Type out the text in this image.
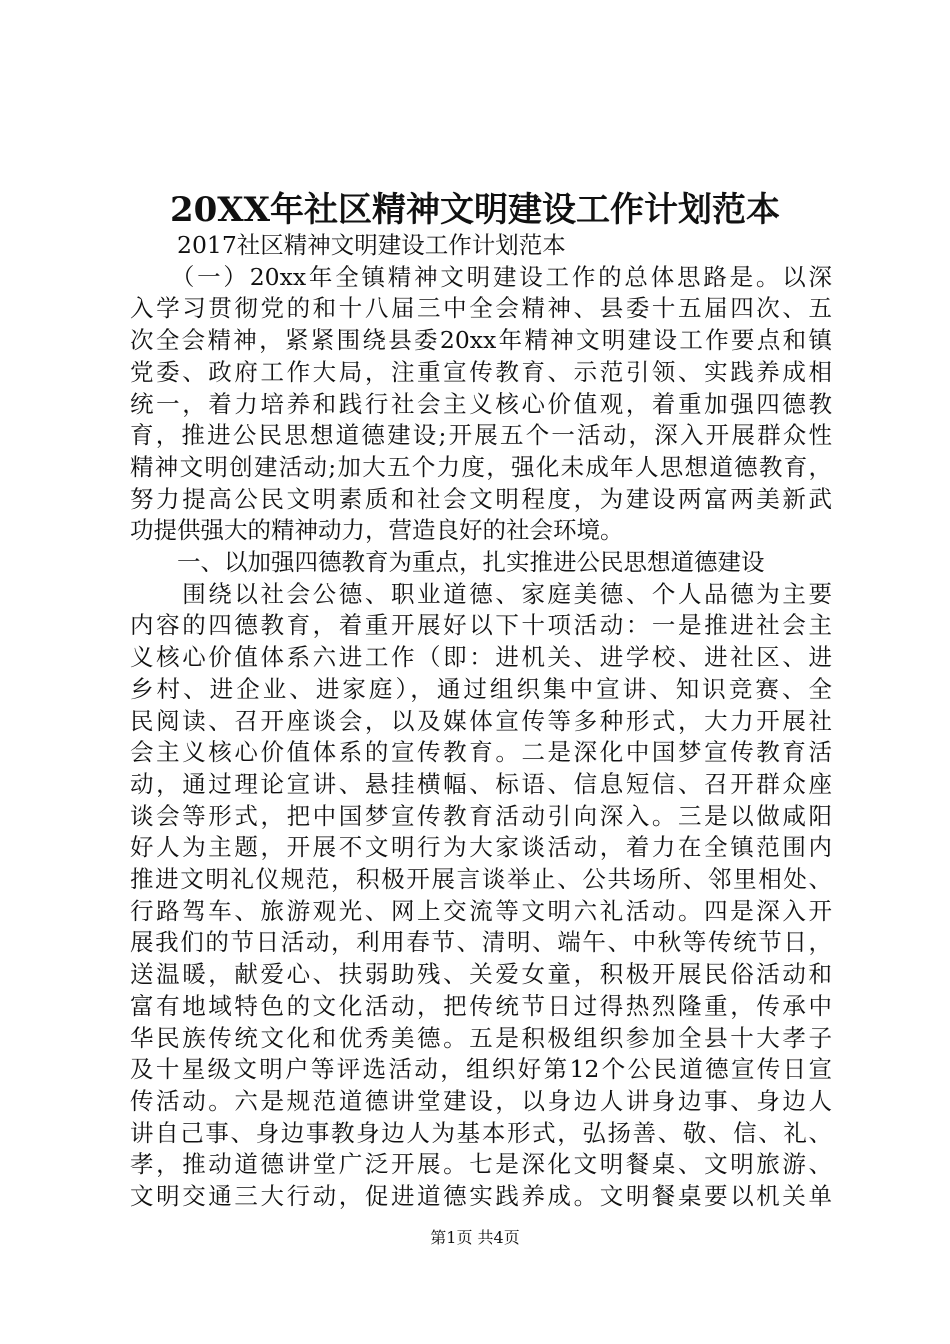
20XX年社区精神文明建设工作计划范本
　　2017社区精神文明建设工作计划范本
　　（一）20xx年全镇精神文明建设工作的总体思路是。以深
入学习贯彻党的和十八届三中全会精神、县委十五届四次、五
次全会精神，紧紧围绕县委20xx年精神文明建设工作要点和镇
党委、政府工作大局，注重宣传教育、示范引领、实践养成相
统一，着力培养和践行社会主义核心价值观，着重加强四德教
育，推进公民思想道德建设;开展五个一活动，深入开展群众性
精神文明创建活动;加大五个力度，强化未成年人思想道德教育，
努力提高公民文明素质和社会文明程度，为建设两富两美新武
功提供强大的精神动力，营造良好的社会环境。
　　一、以加强四德教育为重点，扎实推进公民思想道德建设
　　围绕以社会公德、职业道德、家庭美德、个人品德为主要
内容的四德教育，着重开展好以下十项活动：一是推进社会主
义核心价值体系六进工作（即：进机关、进学校、进社区、进
乡村、进企业、进家庭），通过组织集中宣讲、知识竞赛、全
民阅读、召开座谈会，以及媒体宣传等多种形式，大力开展社
会主义核心价值体系的宣传教育。二是深化中国梦宣传教育活
动，通过理论宣讲、悬挂横幅、标语、信息短信、召开群众座
谈会等形式，把中国梦宣传教育活动引向深入。三是以做咸阳
好人为主题，开展不文明行为大家谈活动，着力在全镇范围内
推进文明礼仪规范，积极开展言谈举止、公共场所、邻里相处、
行路驾车、旅游观光、网上交流等文明六礼活动。四是深入开
展我们的节日活动，利用春节、清明、端午、中秋等传统节日，
送温暖，献爱心、扶弱助残、关爱女童，积极开展民俗活动和
富有地域特色的文化活动，把传统节日过得热烈隆重，传承中
华民族传统文化和优秀美德。五是积极组织参加全县十大孝子
及十星级文明户等评选活动，组织好第12个公民道德宣传日宣
传活动。六是规范道德讲堂建设，以身边人讲身边事、身边人
讲自己事、身边事教身边人为基本形式，弘扬善、敬、信、礼、
孝，推动道德讲堂广泛开展。七是深化文明餐桌、文明旅游、
文明交通三大行动，促进道德实践养成。文明餐桌要以机关单
第1页 共4页
